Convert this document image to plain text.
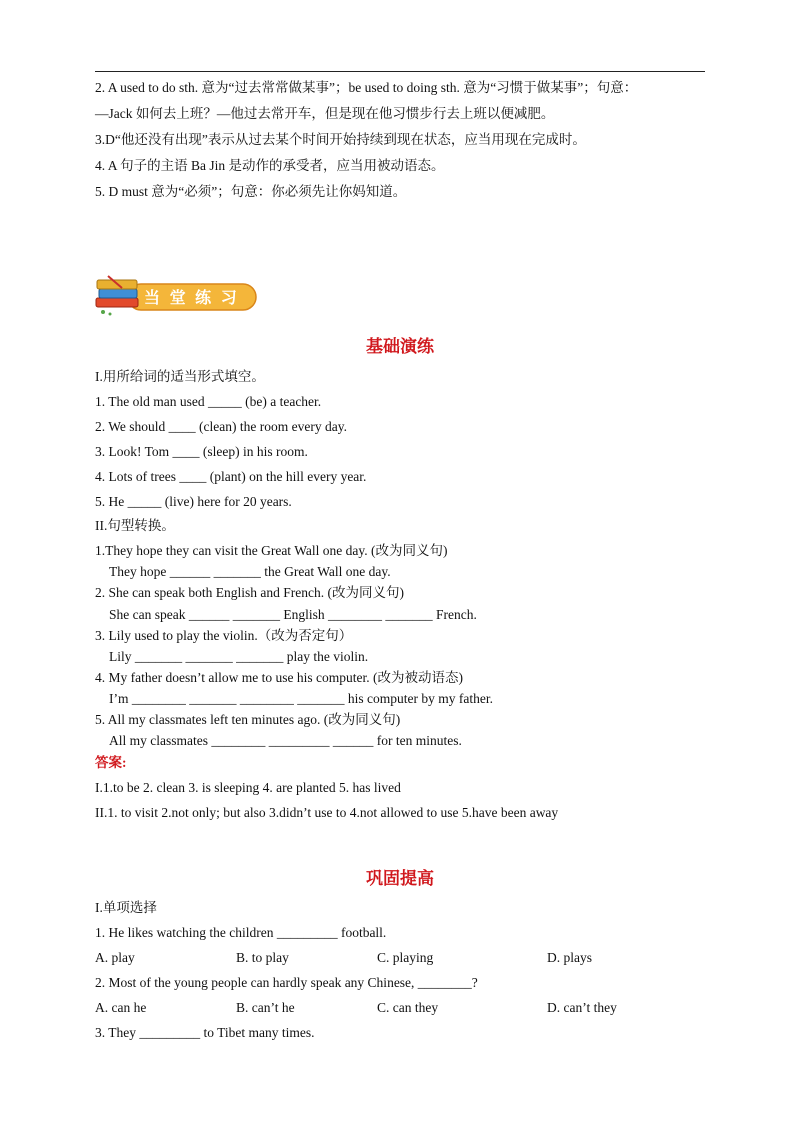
2. A used to do sth. 意为“过去常常做某事”；be used to doing sth. 意为“习惯于做某事”；句意：
—Jack 如何去上班？—他过去常开车，但是现在他习惯步行去上班以便减肥。
3.D“他还没有出现”表示从过去某个时间开始持续到现在状态，应当用现在完成时。
4. A 句子的主语 Ba Jin 是动作的承受者，应当用被动语态。
5. D must 意为“必须”；句意：你必须先让你妈知道。
当 堂 练 习
基础演练
I.用所给词的适当形式填空。
1. The old man used _____ (be) a teacher.
2. We should ____ (clean) the room every day.
3. Look! Tom ____ (sleep) in his room.
4. Lots of trees ____ (plant) on the hill every year.
5. He _____ (live) here for 20 years.
II.句型转换。
1.They hope they can visit the Great Wall one day. (改为同义句)
They hope ______ _______ the Great Wall one day.
2. She can speak both English and French. (改为同义句)
She can speak ______ _______ English ________ _______ French.
3. Lily used to play the violin.（改为否定句）
Lily _______ _______ _______ play the violin.
4. My father doesn’t allow me to use his computer. (改为被动语态)
I’m ________ _______ ________ _______ his computer by my father.
5. All my classmates left ten minutes ago. (改为同义句)
All my classmates ________ _________ ______ for ten minutes.
答案:
I.1.to be 2. clean 3. is sleeping 4. are planted 5. has lived
II.1. to visit 2.not only; but also 3.didn’t use to 4.not allowed to use 5.have been away
巩固提高
I.单项选择
1. He likes watching the children _________ football.
A. play	B. to play	C. playing	D. plays
2. Most of the young people can hardly speak any Chinese, ________?
A. can he	B. can’t he	C. can they	D. can’t they
3. They _________ to Tibet many times.
